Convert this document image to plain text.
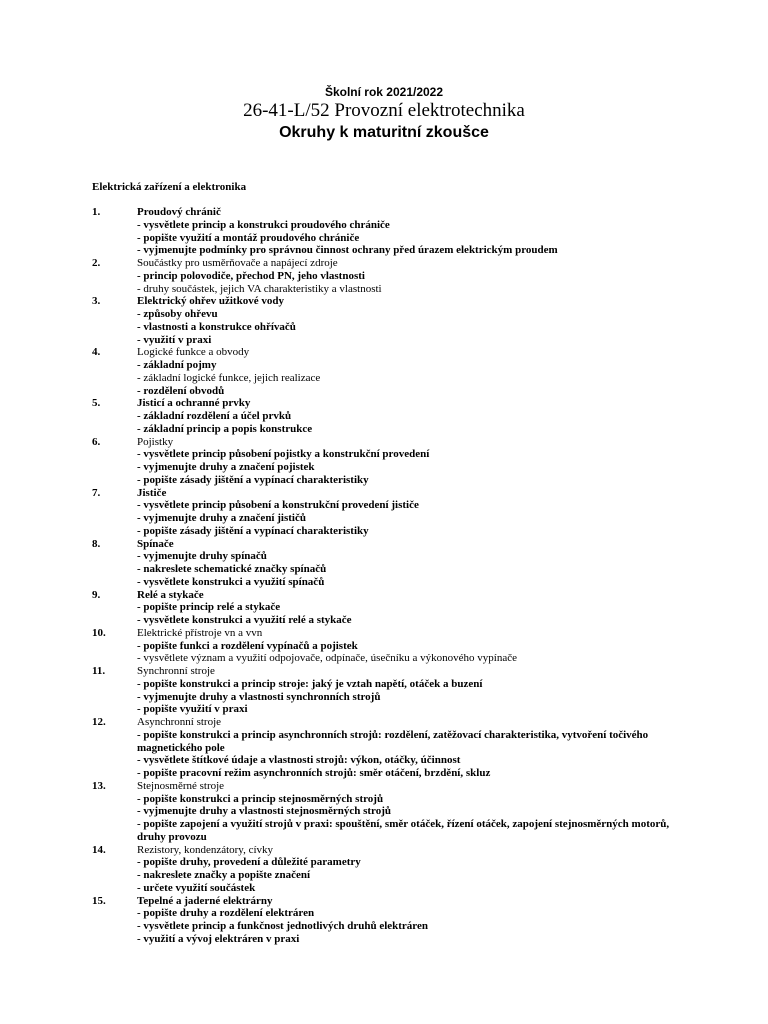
Školní rok 2021/2022

26-41-L/52 Provozní elektrotechnika

Okruhy k maturitní zkoušce

Elektrická zařízení a elektronika

1.	Proudový chránič

- vysvětlete princip a konstrukci proudového chrániče

- popište využití a montáž proudového chrániče

- vyjmenujte podmínky pro správnou činnost ochrany před úrazem elektrickým proudem

2.	Součástky pro usměrňovače a napájecí zdroje

- princip polovodiče, přechod PN, jeho vlastnosti

- druhy součástek, jejich VA charakteristiky a vlastnosti

3.	Elektrický ohřev užitkové vody

- způsoby ohřevu

- vlastnosti a konstrukce ohřívačů

- využití v praxi

4.	Logické funkce a obvody

- základní pojmy

- základní logické funkce, jejich realizace

- rozdělení obvodů

5.	Jisticí a ochranné prvky

- základní rozdělení a účel prvků

- základní princip a popis konstrukce

6.	Pojistky

- vysvětlete princip působení pojistky a konstrukční provedení

- vyjmenujte druhy a značení pojistek

- popište zásady jištění a vypínací charakteristiky

7.	Jističe

- vysvětlete princip působení a konstrukční provedení jističe

- vyjmenujte druhy a značení jističů

- popište zásady jištění a vypínací charakteristiky

8.	Spínače

- vyjmenujte druhy spínačů

- nakreslete schematické značky spínačů

- vysvětlete konstrukci a využití spínačů

9.	Relé a stykače

- popište princip relé a stykače

- vysvětlete konstrukci a využití relé a stykače

10.	Elektrické přístroje vn a vvn

- popište funkci a rozdělení vypínačů a pojistek

- vysvětlete význam a využití odpojovače, odpínače, úsečníku a výkonového vypínače

11.	Synchronní stroje

- popište konstrukci a princip stroje: jaký je vztah napětí, otáček a buzení

- vyjmenujte druhy a vlastnosti synchronních strojů

- popište využití v praxi

12.	Asynchronní stroje

- popište konstrukci a princip asynchronních strojů: rozdělení, zatěžovací charakteristika, vytvoření točivého magnetického pole

- vysvětlete štítkové údaje a vlastnosti strojů: výkon, otáčky, účinnost

- popište pracovní režim asynchronních strojů: směr otáčení, brzdění, skluz

13.	Stejnosměrné stroje

- popište konstrukci a princip stejnosměrných strojů

- vyjmenujte druhy a vlastnosti stejnosměrných strojů

- popište zapojení a využití strojů v praxi: spouštění, směr otáček, řízení otáček, zapojení stejnosměrných motorů, druhy provozu

14.	Rezistory, kondenzátory, cívky

- popište druhy, provedení a důležité parametry

- nakreslete značky a popište značení

- určete využití součástek

15.	Tepelné a jaderné elektrárny

- popište druhy a rozdělení elektráren

- vysvětlete princip a funkčnost jednotlivých druhů elektráren

- využití a vývoj elektráren v praxi
